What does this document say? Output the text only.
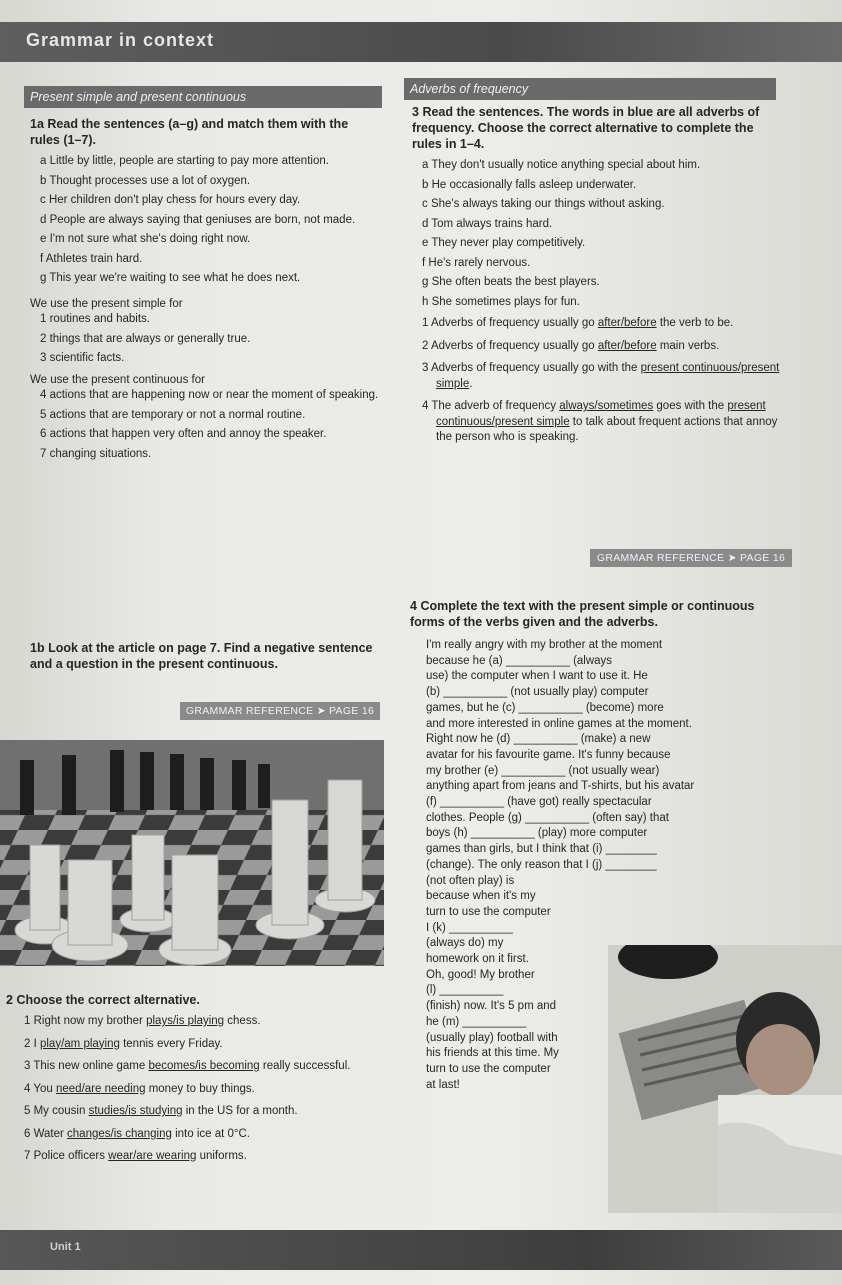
Grammar in context
Present simple and present continuous
1a Read the sentences (a–g) and match them with the rules (1–7).
a Little by little, people are starting to pay more attention.
b Thought processes use a lot of oxygen.
c Her children don't play chess for hours every day.
d People are always saying that geniuses are born, not made.
e I'm not sure what she's doing right now.
f Athletes train hard.
g This year we're waiting to see what he does next.
We use the present simple for
1 routines and habits.
2 things that are always or generally true.
3 scientific facts.
We use the present continuous for
4 actions that are happening now or near the moment of speaking.
5 actions that are temporary or not a normal routine.
6 actions that happen very often and annoy the speaker.
7 changing situations.
1b Look at the article on page 7. Find a negative sentence and a question in the present continuous.
GRAMMAR REFERENCE ➤ PAGE 16
2 Choose the correct alternative.
1 Right now my brother plays/is playing chess.
2 I play/am playing tennis every Friday.
3 This new online game becomes/is becoming really successful.
4 You need/are needing money to buy things.
5 My cousin studies/is studying in the US for a month.
6 Water changes/is changing into ice at 0°C.
7 Police officers wear/are wearing uniforms.
Adverbs of frequency
3 Read the sentences. The words in blue are all adverbs of frequency. Choose the correct alternative to complete the rules in 1–4.
a They don't usually notice anything special about him.
b He occasionally falls asleep underwater.
c She's always taking our things without asking.
d Tom always trains hard.
e They never play competitively.
f He's rarely nervous.
g She often beats the best players.
h She sometimes plays for fun.
1 Adverbs of frequency usually go after/before the verb to be.
2 Adverbs of frequency usually go after/before main verbs.
3 Adverbs of frequency usually go with the present continuous/present simple.
4 The adverb of frequency always/sometimes goes with the present continuous/present simple to talk about frequent actions that annoy the person who is speaking.
GRAMMAR REFERENCE ➤ PAGE 16
4 Complete the text with the present simple or continuous forms of the verbs given and the adverbs.
I'm really angry with my brother at the moment
because he (a) __________ (always
use) the computer when I want to use it. He
(b) __________ (not usually play) computer
games, but he (c) __________ (become) more
and more interested in online games at the moment.
Right now he (d) __________ (make) a new
avatar for his favourite game. It's funny because
my brother (e) __________ (not usually wear)
anything apart from jeans and T-shirts, but his avatar
(f) __________ (have got) really spectacular
clothes. People (g) __________ (often say) that
boys (h) __________ (play) more computer
games than girls, but I think that (i) ________
(change). The only reason that I (j) ________
(not often play) is
because when it's my
turn to use the computer
I (k) __________
(always do) my
homework on it first.
Oh, good! My brother
(l) __________
(finish) now. It's 5 pm and
he (m) __________
(usually play) football with
his friends at this time. My
turn to use the computer
at last!
Unit 1
